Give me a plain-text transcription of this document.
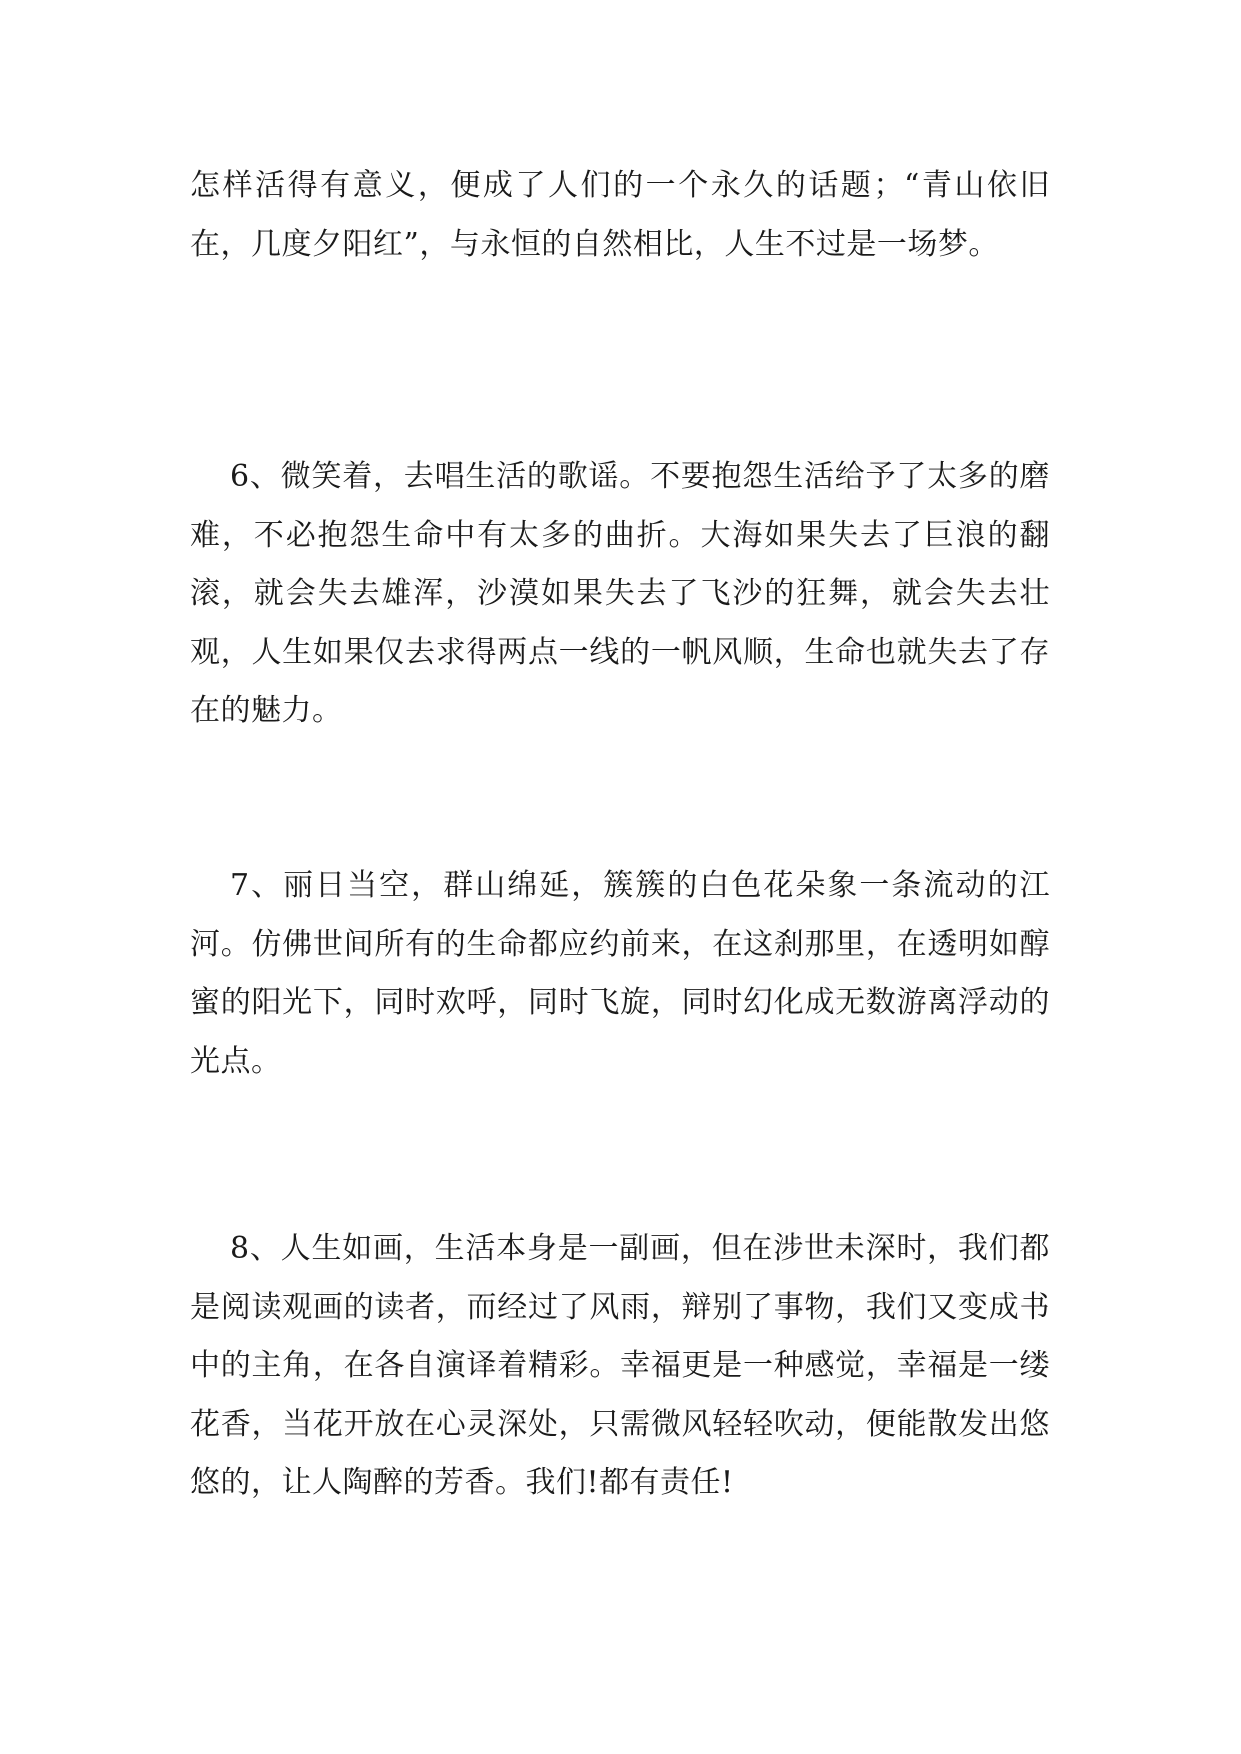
怎样活得有意义，便成了人们的一个永久的话题；“青山依旧在，几度夕阳红”，与永恒的自然相比，人生不过是一场梦。

6、微笑着，去唱生活的歌谣。不要抱怨生活给予了太多的磨难，不必抱怨生命中有太多的曲折。大海如果失去了巨浪的翻滚，就会失去雄浑，沙漠如果失去了飞沙的狂舞，就会失去壮观，人生如果仅去求得两点一线的一帆风顺，生命也就失去了存在的魅力。

7、丽日当空，群山绵延，簇簇的白色花朵象一条流动的江河。仿佛世间所有的生命都应约前来，在这刹那里，在透明如醇蜜的阳光下，同时欢呼，同时飞旋，同时幻化成无数游离浮动的光点。

8、人生如画，生活本身是一副画，但在涉世未深时，我们都是阅读观画的读者，而经过了风雨，辩别了事物，我们又变成书中的主角，在各自演译着精彩。幸福更是一种感觉，幸福是一缕花香，当花开放在心灵深处，只需微风轻轻吹动，便能散发出悠悠的，让人陶醉的芳香。我们!都有责任!
